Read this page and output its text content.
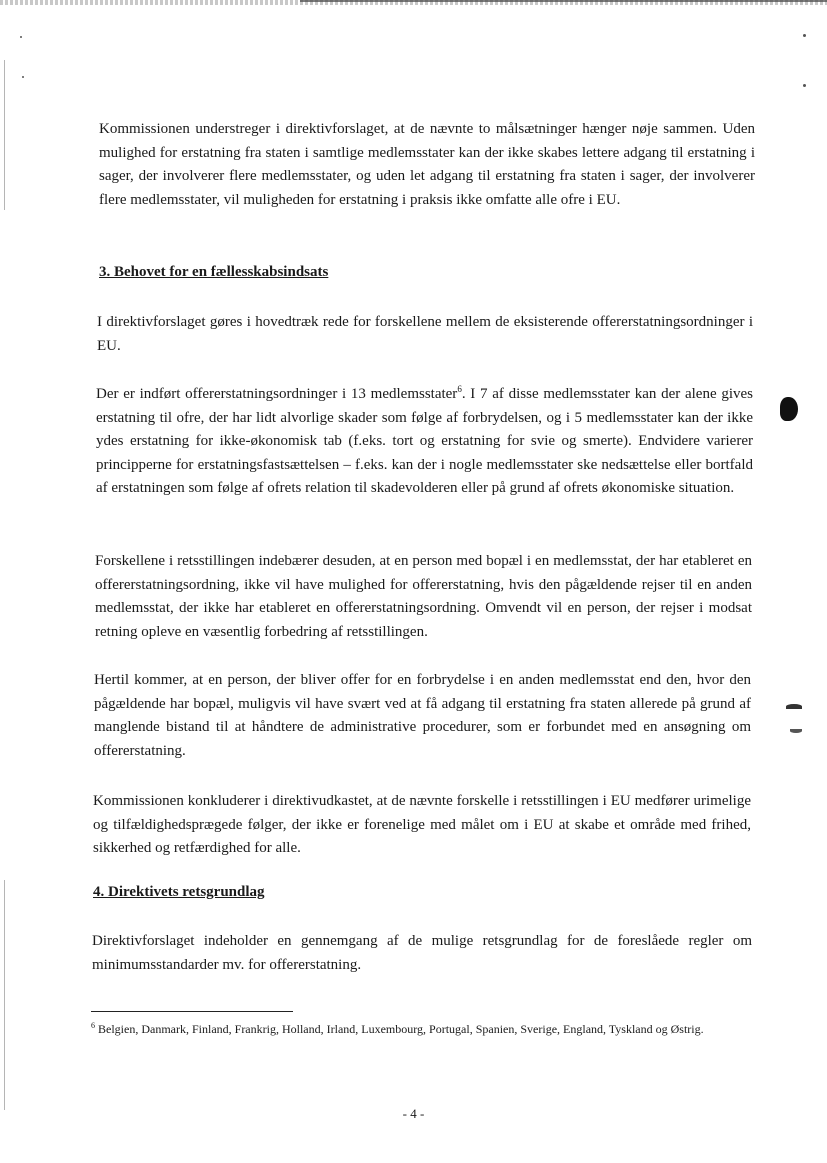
Kommissionen understreger i direktivforslaget, at de nævnte to målsætninger hænger nøje sammen. Uden mulighed for erstatning fra staten i samtlige medlemsstater kan der ikke skabes lettere adgang til erstatning i sager, der involverer flere medlemsstater, og uden let adgang til erstatning fra staten i sager, der involverer flere medlemsstater, vil muligheden for erstatning i praksis ikke omfatte alle ofre i EU.

3. Behovet for en fællesskabsindsats

I direktivforslaget gøres i hovedtræk rede for forskellene mellem de eksisterende offererstatningsordninger i EU.

Der er indført offererstatningsordninger i 13 medlemsstater$^6$. I 7 af disse medlemsstater kan der alene gives erstatning til ofre, der har lidt alvorlige skader som følge af forbrydelsen, og i 5 medlemsstater kan der ikke ydes erstatning for ikke-økonomisk tab (f.eks. tort og erstatning for svie og smerte). Endvidere varierer principperne for erstatningsfastsættelsen – f.eks. kan der i nogle medlemsstater ske nedsættelse eller bortfald af erstatningen som følge af ofrets relation til skadevolderen eller på grund af ofrets økonomiske situation.

Forskellene i retsstillingen indebærer desuden, at en person med bopæl i en medlemsstat, der har etableret en offererstatningsordning, ikke vil have mulighed for offererstatning, hvis den pågældende rejser til en anden medlemsstat, der ikke har etableret en offererstatningsordning. Omvendt vil en person, der rejser i modsat retning opleve en væsentlig forbedring af retsstillingen.

Hertil kommer, at en person, der bliver offer for en forbrydelse i en anden medlemsstat end den, hvor den pågældende har bopæl, muligvis vil have svært ved at få adgang til erstatning fra staten allerede på grund af manglende bistand til at håndtere de administrative procedurer, som er forbundet med en ansøgning om offererstatning.

Kommissionen konkluderer i direktivudkastet, at de nævnte forskelle i retsstillingen i EU medfører urimelige og tilfældighedsprægede følger, der ikke er forenelige med målet om i EU at skabe et område med frihed, sikkerhed og retfærdighed for alle.

4. Direktivets retsgrundlag

Direktivforslaget indeholder en gennemgang af de mulige retsgrundlag for de foreslåede regler om minimumsstandarder mv. for offererstatning.

$^6$ Belgien, Danmark, Finland, Frankrig, Holland, Irland, Luxembourg, Portugal, Spanien, Sverige, England, Tyskland og Østrig.

- 4 -
